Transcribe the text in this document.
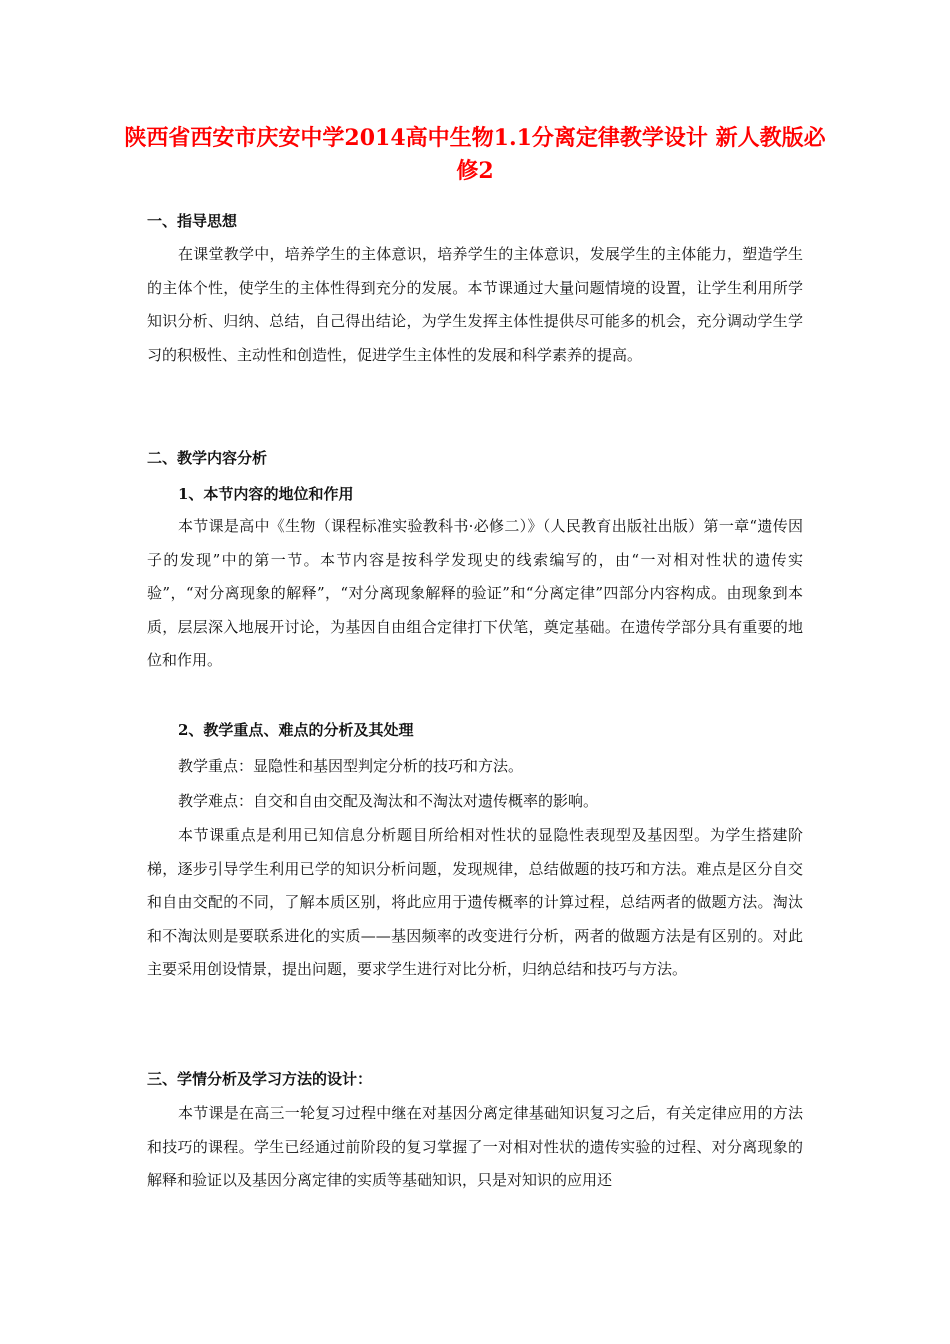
陕西省西安市庆安中学2014高中生物1.1分离定律教学设计 新人教版必修2
一、指导思想

在课堂教学中，培养学生的主体意识，培养学生的主体意识，发展学生的主体能力，塑造学生的主体个性，使学生的主体性得到充分的发展。本节课通过大量问题情境的设置，让学生利用所学知识分析、归纳、总结，自己得出结论，为学生发挥主体性提供尽可能多的机会，充分调动学生学习的积极性、主动性和创造性，促进学生主体性的发展和科学素养的提高。

二、教学内容分析
1、本节内容的地位和作用

本节课是高中《生物（课程标准实验教科书·必修二）》（人民教育出版社出版）第一章“遗传因子的发现”中的第一节。本节内容是按科学发现史的线索编写的，由“一对相对性状的遗传实验”，“对分离现象的解释”，“对分离现象解释的验证”和“分离定律”四部分内容构成。由现象到本质，层层深入地展开讨论，为基因自由组合定律打下伏笔，奠定基础。在遗传学部分具有重要的地位和作用。

2、教学重点、难点的分析及其处理
教学重点：显隐性和基因型判定分析的技巧和方法。
教学难点：自交和自由交配及淘汰和不淘汰对遗传概率的影响。

本节课重点是利用已知信息分析题目所给相对性状的显隐性表现型及基因型。为学生搭建阶梯，逐步引导学生利用已学的知识分析问题，发现规律，总结做题的技巧和方法。难点是区分自交和自由交配的不同，了解本质区别，将此应用于遗传概率的计算过程，总结两者的做题方法。淘汰和不淘汰则是要联系进化的实质——基因频率的改变进行分析，两者的做题方法是有区别的。对此主要采用创设情景，提出问题，要求学生进行对比分析，归纳总结和技巧与方法。

三、学情分析及学习方法的设计：

本节课是在高三一轮复习过程中继在对基因分离定律基础知识复习之后，有关定律应用的方法和技巧的课程。学生已经通过前阶段的复习掌握了一对相对性状的遗传实验的过程、对分离现象的解释和验证以及基因分离定律的实质等基础知识，只是对知识的应用还
